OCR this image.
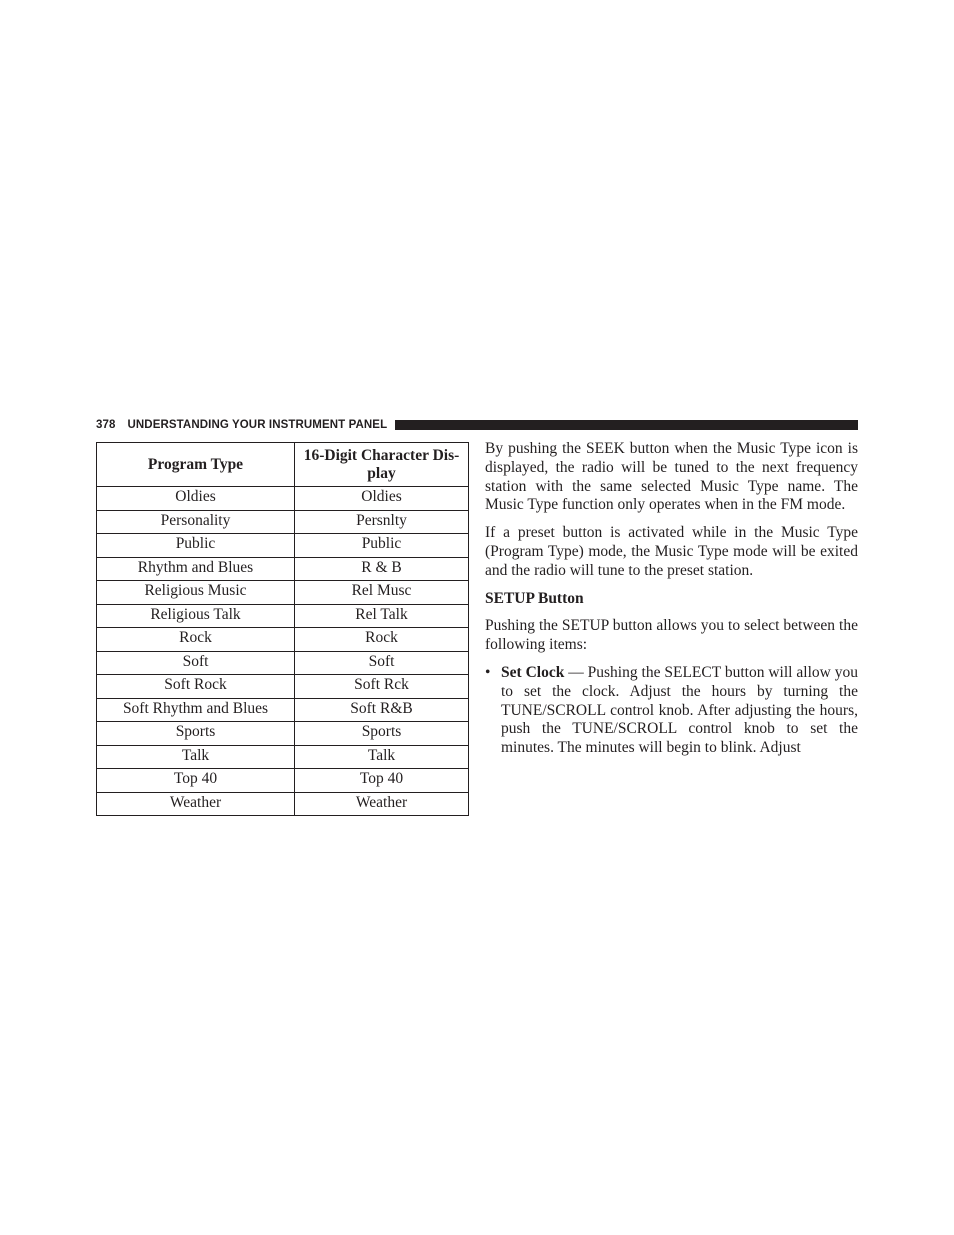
378 UNDERSTANDING YOUR INSTRUMENT PANEL
Program Type	16-Digit Character Dis- play
Oldies	Oldies
Personality	Persnlty
Public	Public
Rhythm and Blues	R & B
Religious Music	Rel Musc
Religious Talk	Rel Talk
Rock	Rock
Soft	Soft
Soft Rock	Soft Rck
Soft Rhythm and Blues	Soft R&B
Sports	Sports
Talk	Talk
Top 40	Top 40
Weather	Weather

By pushing the SEEK button when the Music Type icon is displayed, the radio will be tuned to the next frequency station with the same selected Music Type name. The Music Type function only operates when in the FM mode.

If a preset button is activated while in the Music Type (Program Type) mode, the Music Type mode will be exited and the radio will tune to the preset station.

SETUP Button

Pushing the SETUP button allows you to select between the following items:

• Set Clock — Pushing the SELECT button will allow you to set the clock. Adjust the hours by turning the TUNE/SCROLL control knob. After adjusting the hours, push the TUNE/SCROLL control knob to set the minutes. The minutes will begin to blink. Adjust
